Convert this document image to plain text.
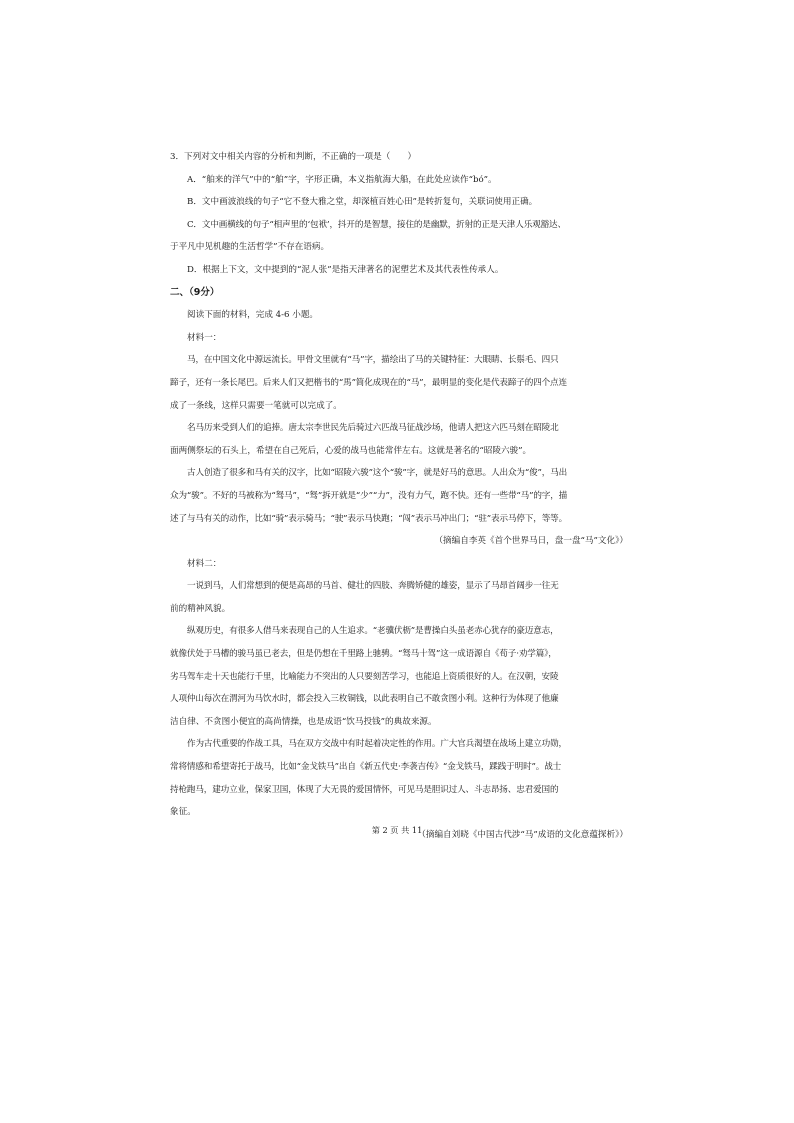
3．下列对文中相关内容的分析和判断，不正确的一项是（　　）
A．“舶来的洋气”中的“舶”字，字形正确，本义指航海大船，在此处应读作“bó”。
B．文中画波浪线的句子“它不登大雅之堂，却深植百姓心田”是转折复句，关联词使用正确。
C．文中画横线的句子“相声里的‘包袱’，抖开的是智慧，接住的是幽默，折射的正是天津人乐观豁达、
于平凡中见机趣的生活哲学”不存在语病。
D．根据上下文，文中提到的“泥人张”是指天津著名的泥塑艺术及其代表性传承人。
二、（9分）
阅读下面的材料，完成 4-6 小题。
材料一：
马，在中国文化中源远流长。甲骨文里就有“马”字，描绘出了马的关键特征：大眼睛、长鬃毛、四只
蹄子，还有一条长尾巴。后来人们又把楷书的“馬”简化成现在的“马”，最明显的变化是代表蹄子的四个点连
成了一条线，这样只需要一笔就可以完成了。
名马历来受到人们的追捧。唐太宗李世民先后骑过六匹战马征战沙场，他请人把这六匹马刻在昭陵北
面两侧祭坛的石头上，希望在自己死后，心爱的战马也能常伴左右。这就是著名的“昭陵六骏”。
古人创造了很多和马有关的汉字，比如“昭陵六骏”这个“骏”字，就是好马的意思。人出众为“俊”，马出
众为“骏”。不好的马被称为“驽马”，“驽”拆开就是“少”“力”，没有力气，跑不快。还有一些带“马”的字，描
述了与马有关的动作，比如“骑”表示骑马；“驶”表示马快跑；“闯”表示马冲出门；“驻”表示马停下，等等。
（摘编自李英《首个世界马日，盘一盘“马”文化》）
材料二：
一说到马，人们常想到的便是高昂的马首、健壮的四肢、奔腾矫健的雄姿，显示了马昂首阔步一往无
前的精神风貌。
纵观历史，有很多人借马来表现自己的人生追求。“老骥伏枥”是曹操白头虽老赤心犹存的豪迈意志，
就像伏处于马槽的骏马虽已老去，但是仍想在千里路上驰骋。“驽马十驾”这一成语源自《荀子·劝学篇》，
劣马驾车走十天也能行千里，比喻能力不突出的人只要刻苦学习，也能追上资质很好的人。在汉朝，安陵
人项仲山每次在渭河为马饮水时，都会投入三枚铜钱，以此表明自己不敢贪图小利。这种行为体现了他廉
洁自律、不贪图小便宜的高尚情操，也是成语“饮马投钱”的典故来源。
作为古代重要的作战工具，马在双方交战中有时起着决定性的作用。广大官兵渴望在战场上建立功勋，
常将情感和希望寄托于战马，比如“金戈铁马”出自《新五代史·李袭吉传》“金戈铁马，蹂践于明时”。战士
持枪跑马，建功立业，保家卫国，体现了大无畏的爱国情怀，可见马是胆识过人、斗志昂扬、忠君爱国的
象征。
（摘编自刘晓《中国古代涉“马”成语的文化意蕴探析》）
第 2 页 共 11
